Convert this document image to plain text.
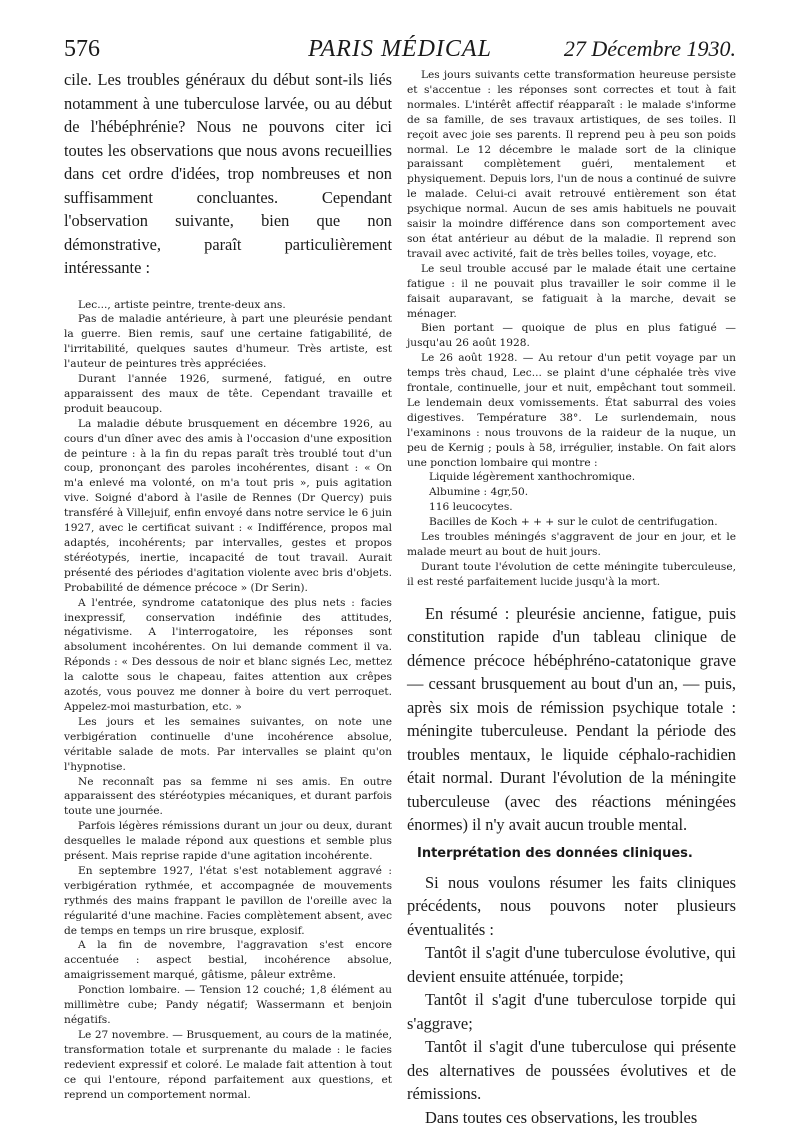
576	PARIS MÉDICAL	27 Décembre 1930.

cile. Les troubles généraux du début sont-ils liés notamment à une tuberculose larvée, ou au début de l'hébéphrénie? Nous ne pouvons citer ici toutes les observations que nous avons recueillies dans cet ordre d'idées, trop nombreuses et non suffisamment concluantes. Cependant l'observation suivante, bien que non démonstrative, paraît particulièrement intéressante :

Lec..., artiste peintre, trente-deux ans.

Pas de maladie antérieure, à part une pleurésie pendant la guerre. Bien remis, sauf une certaine fatigabilité, de l'irritabilité, quelques sautes d'humeur. Très artiste, est l'auteur de peintures très appréciées.

Durant l'année 1926, surmené, fatigué, en outre apparaissent des maux de tête. Cependant travaille et produit beaucoup.

La maladie débute brusquement en décembre 1926, au cours d'un dîner avec des amis à l'occasion d'une exposition de peinture : à la fin du repas paraît très troublé tout d'un coup, prononçant des paroles incohérentes, disant : « On m'a enlevé ma volonté, on m'a tout pris », puis agitation vive. Soigné d'abord à l'asile de Rennes (Dr Quercy) puis transféré à Villejuif, enfin envoyé dans notre service le 6 juin 1927, avec le certificat suivant : « Indifférence, propos mal adaptés, incohérents; par intervalles, gestes et propos stéréotypés, inertie, incapacité de tout travail. Aurait présenté des périodes d'agitation violente avec bris d'objets. Probabilité de démence précoce » (Dr Serin).

A l'entrée, syndrome catatonique des plus nets : facies inexpressif, conservation indéfinie des attitudes, négativisme. A l'interrogatoire, les réponses sont absolument incohérentes. On lui demande comment il va. Réponds : « Des dessous de noir et blanc signés Lec, mettez la calotte sous le chapeau, faites attention aux crêpes azotés, vous pouvez me donner à boire du vert perroquet. Appelez-moi masturbation, etc. »

Les jours et les semaines suivantes, on note une verbigération continuelle d'une incohérence absolue, véritable salade de mots. Par intervalles se plaint qu'on l'hypnotise.

Ne reconnaît pas sa femme ni ses amis. En outre apparaissent des stéréotypies mécaniques, et durant parfois toute une journée.

Parfois légères rémissions durant un jour ou deux, durant desquelles le malade répond aux questions et semble plus présent. Mais reprise rapide d'une agitation incohérente.

En septembre 1927, l'état s'est notablement aggravé : verbigération rythmée, et accompagnée de mouvements rythmés des mains frappant le pavillon de l'oreille avec la régularité d'une machine. Facies complètement absent, avec de temps en temps un rire brusque, explosif.

A la fin de novembre, l'aggravation s'est encore accentuée : aspect bestial, incohérence absolue, amaigrissement marqué, gâtisme, pâleur extrême.

Ponction lombaire. — Tension 12 couché; 1,8 élément au millimètre cube; Pandy négatif; Wassermann et benjoin négatifs.

Le 27 novembre. — Brusquement, au cours de la matinée, transformation totale et surprenante du malade : le facies redevient expressif et coloré. Le malade fait attention à tout ce qui l'entoure, répond parfaitement aux questions, et reprend un comportement normal.

Les jours suivants cette transformation heureuse persiste et s'accentue : les réponses sont correctes et tout à fait normales. L'intérêt affectif réapparaît : le malade s'informe de sa famille, de ses travaux artistiques, de ses toiles. Il reçoit avec joie ses parents. Il reprend peu à peu son poids normal. Le 12 décembre le malade sort de la clinique paraissant complètement guéri, mentalement et physiquement. Depuis lors, l'un de nous a continué de suivre le malade. Celui-ci avait retrouvé entièrement son état psychique normal. Aucun de ses amis habituels ne pouvait saisir la moindre différence dans son comportement avec son état antérieur au début de la maladie. Il reprend son travail avec activité, fait de très belles toiles, voyage, etc.

Le seul trouble accusé par le malade était une certaine fatigue : il ne pouvait plus travailler le soir comme il le faisait auparavant, se fatiguait à la marche, devait se ménager.

Bien portant — quoique de plus en plus fatigué — jusqu'au 26 août 1928.

Le 26 août 1928. — Au retour d'un petit voyage par un temps très chaud, Lec... se plaint d'une céphalée très vive frontale, continuelle, jour et nuit, empêchant tout sommeil. Le lendemain deux vomissements. État saburral des voies digestives. Température 38°. Le surlendemain, nous l'examinons : nous trouvons de la raideur de la nuque, un peu de Kernig ; pouls à 58, irrégulier, instable. On fait alors une ponction lombaire qui montre :

Liquide légèrement xanthochromique.

Albumine : 4gr,50.

116 leucocytes.

Bacilles de Koch + + + sur le culot de centrifugation.

Les troubles méningés s'aggravent de jour en jour, et le malade meurt au bout de huit jours.

Durant toute l'évolution de cette méningite tuberculeuse, il est resté parfaitement lucide jusqu'à la mort.

En résumé : pleurésie ancienne, fatigue, puis constitution rapide d'un tableau clinique de démence précoce hébéphréno-catatonique grave — cessant brusquement au bout d'un an, — puis, après six mois de rémission psychique totale : méningite tuberculeuse. Pendant la période des troubles mentaux, le liquide céphalo-rachidien était normal. Durant l'évolution de la méningite tuberculeuse (avec des réactions méningées énormes) il n'y avait aucun trouble mental.

Interprétation des données cliniques.

Si nous voulons résumer les faits cliniques précédents, nous pouvons noter plusieurs éventualités :

Tantôt il s'agit d'une tuberculose évolutive, qui devient ensuite atténuée, torpide;

Tantôt il s'agit d'une tuberculose torpide qui s'aggrave;

Tantôt il s'agit d'une tuberculose qui présente des alternatives de poussées évolutives et de rémissions.

Dans toutes ces observations, les troubles
